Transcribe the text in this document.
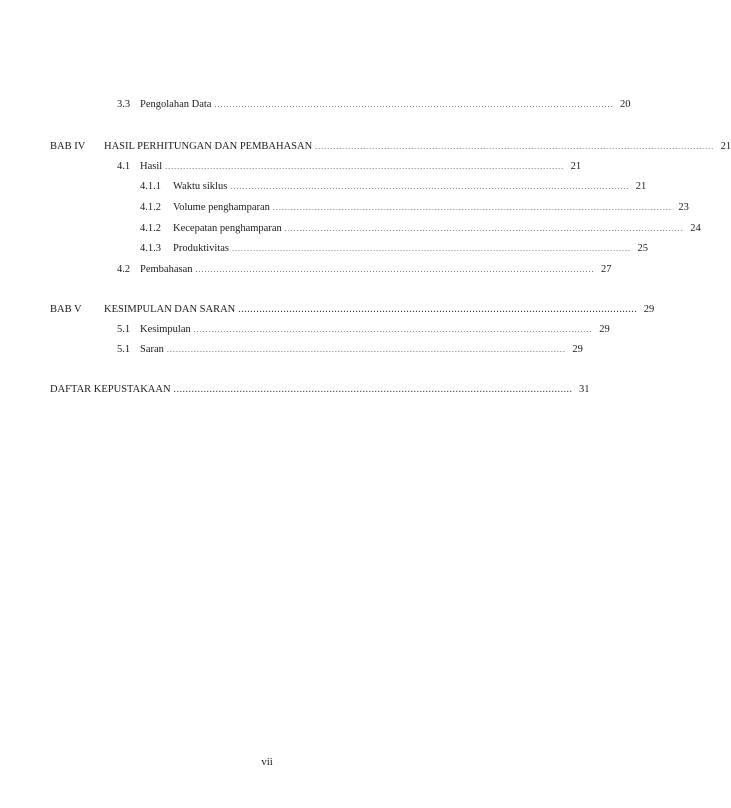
3.3 Pengolahan Data ..................................................................................................................................... 20
BAB IV	HASIL PERHITUNGAN DAN PEMBAHASAN ..................................................................................................................................... 21
4.1 Hasil ..................................................................................................................................... 21
4.1.1	Waktu siklus ..................................................................................................................................... 21
4.1.2	Volume penghamparan ..................................................................................................................................... 23
4.1.2	Kecepatan penghamparan ..................................................................................................................................... 24
4.1.3	Produktivitas ..................................................................................................................................... 25
4.2 Pembahasan ..................................................................................................................................... 27
BAB V	KESIMPULAN DAN SARAN ..................................................................................................................................... 29
5.1 Kesimpulan ..................................................................................................................................... 29
5.1 Saran ..................................................................................................................................... 29
DAFTAR KEPUSTAKAAN ..................................................................................................................................... 31
vii
